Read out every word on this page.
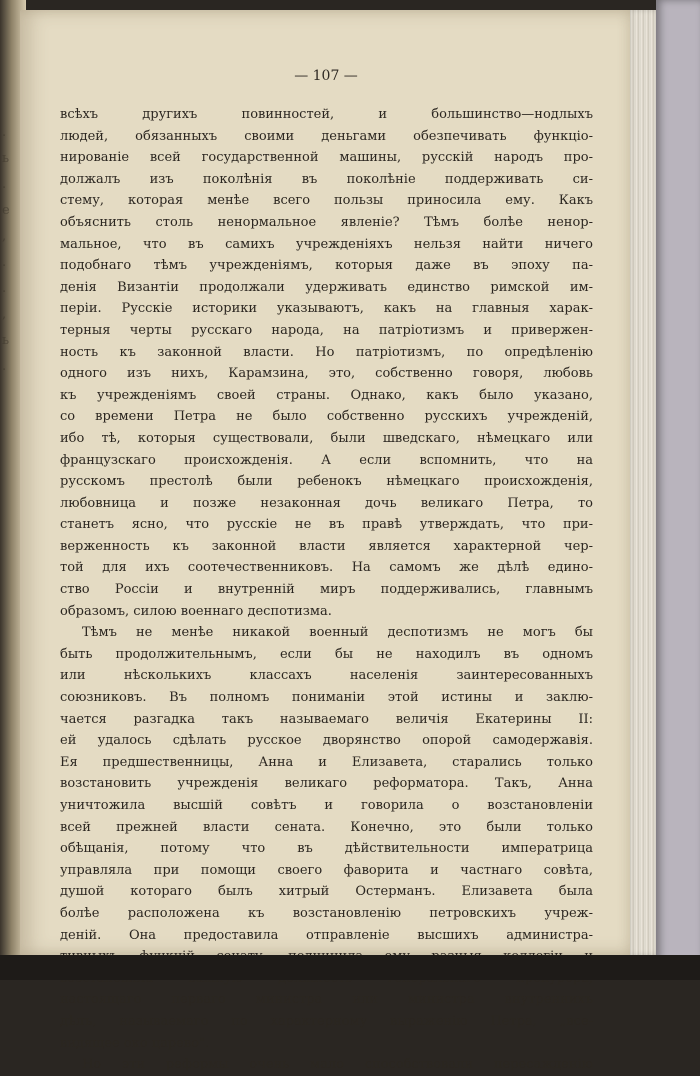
.
ь
.
е
,
.
.
,
ь
.
— 107 —
всѣхъ другихъ повинностей, и большинство—нодлыхъ
людей, обязанныхъ своими деньгами обезпечивать функціо-
нированіе всей государственной машины, русскій народъ про-
должалъ изъ поколѣнія въ поколѣніе поддерживать си-
стему, которая менѣе всего пользы приносила ему. Какъ
объяснить столь ненормальное явленіе? Тѣмъ болѣе ненор-
мальное, что въ самихъ учрежденіяхъ нельзя найти ничего
подобнаго тѣмъ учрежденіямъ, которыя даже въ эпоху па-
денія Византіи продолжали удерживать единство римской им-
періи. Русскіе историки указываютъ, какъ на главныя харак-
терныя черты русскаго народа, на патріотизмъ и привержен-
ность къ законной власти. Но патріотизмъ, по опредѣленію
одного изъ нихъ, Карамзина, это, собственно говоря, любовь
къ учрежденіямъ своей страны. Однако, какъ было указано,
со времени Петра не было собственно русскихъ учрежденій,
ибо тѣ, которыя существовали, были шведскаго, нѣмецкаго или
французскаго происхожденія. А если вспомнить, что на
русскомъ престолѣ были ребенокъ нѣмецкаго происхожденія,
любовница и позже незаконная дочь великаго Петра, то
станетъ ясно, что русскіе не въ правѣ утверждать, что при-
верженность къ законной власти является характерной чер-
той для ихъ соотечественниковъ. На самомъ же дѣлѣ едино-
ство Россіи и внутренній миръ поддерживались, главнымъ
образомъ, силою военнаго деспотизма.
Тѣмъ не менѣе никакой военный деспотизмъ не могъ бы
быть продолжительнымъ, если бы не находилъ въ одномъ
или нѣсколькихъ классахъ населенія заинтересованныхъ
союзниковъ. Въ полномъ пониманіи этой истины и заклю-
чается разгадка такъ называемаго величія Екатерины II:
ей удалось сдѣлать русское дворянство опорой самодержавія.
Ея предшественницы, Анна и Елизавета, старались только
возстановить учрежденія великаго реформатора. Такъ, Анна
уничтожила высшій совѣтъ и говорила о возстановленіи
всей прежней власти сената. Конечно, это были только
обѣщанія, потому что въ дѣйствительности императрица
управляла при помощи своего фаворита и частнаго совѣта,
душой котораго былъ хитрый Остерманъ. Елизавета была
болѣе расположена къ возстановленію петровскихъ учреж-
деній. Она предоставила отправленіе высшихъ администра-
настоящаго перваго министра или министра внутреннихъ
дѣлъ, называемаго по характерному выраженію Петра, „все-
видящее око царево".
Но эти реформы очень мало способствовали пересажденію
